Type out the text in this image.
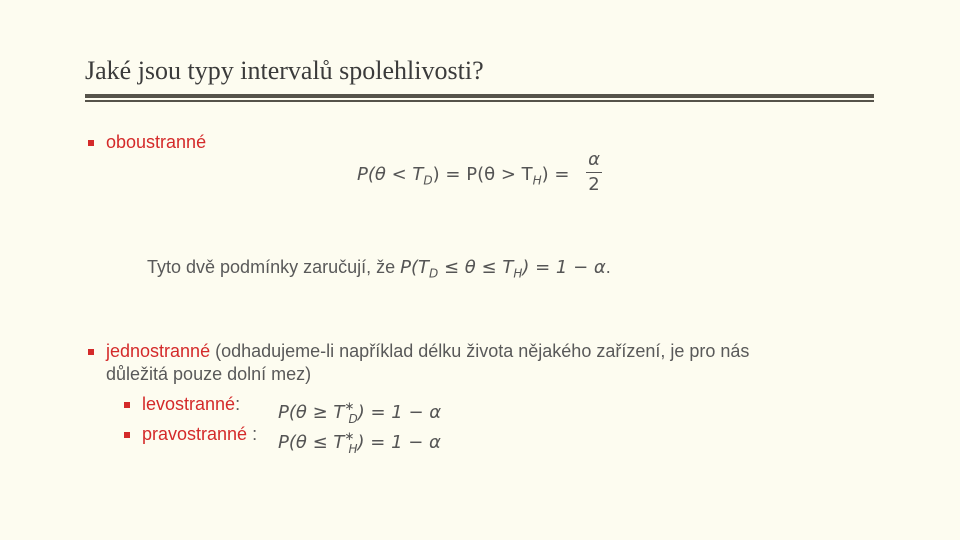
Jaké jsou typy intervalů spolehlivosti?
oboustranné
$P(\theta < T_D) = P(\theta > T_H)$ =
α
2
Tyto dvě podmínky zaručují, že $P(T_D \le \theta \le T_H) = 1 - \alpha$.
jednostranné (odhadujeme-li například délku života nějakého zařízení, je pro nás
důležitá pouze dolní mez)
levostranné: $P(\theta \ge T^∗_D) = 1 - \alpha$
pravostranné : $P(\theta \le T^∗_H) = 1 - \alpha$
